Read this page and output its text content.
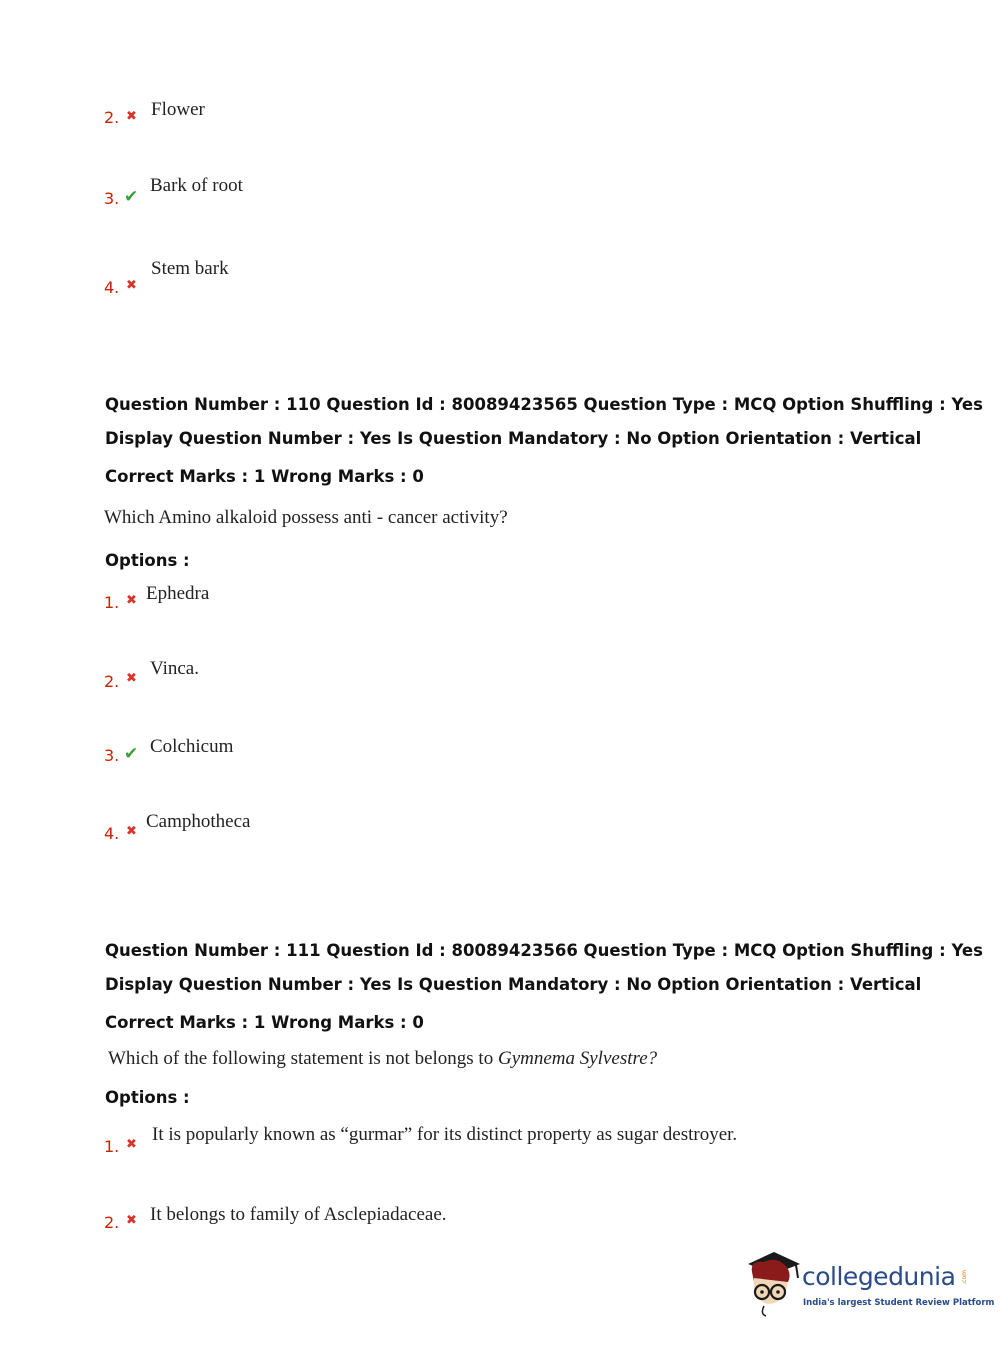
2. ✖ Flower
3. ✔
Bark of root
4. ✖
Stem bark
Question Number : 110 Question Id : 80089423565 Question Type : MCQ Option Shuffling : Yes
Display Question Number : Yes Is Question Mandatory : No Option Orientation : Vertical
Correct Marks : 1 Wrong Marks : 0
Which Amino alkaloid possess anti - cancer activity?
Options :
1. ✖ Ephedra
2. ✖ Vinca.
3. ✔ Colchicum
4. ✖ Camphotheca
Question Number : 111 Question Id : 80089423566 Question Type : MCQ Option Shuffling : Yes
Display Question Number : Yes Is Question Mandatory : No Option Orientation : Vertical
Correct Marks : 1 Wrong Marks : 0
Which of the following statement is not belongs to Gymnema Sylvestre?
Options :
1. ✖ It is popularly known as “gurmar” for its distinct property as sugar destroyer.
2. ✖ It belongs to family of Asclepiadaceae.
collegedunia .com
India's largest Student Review Platform
